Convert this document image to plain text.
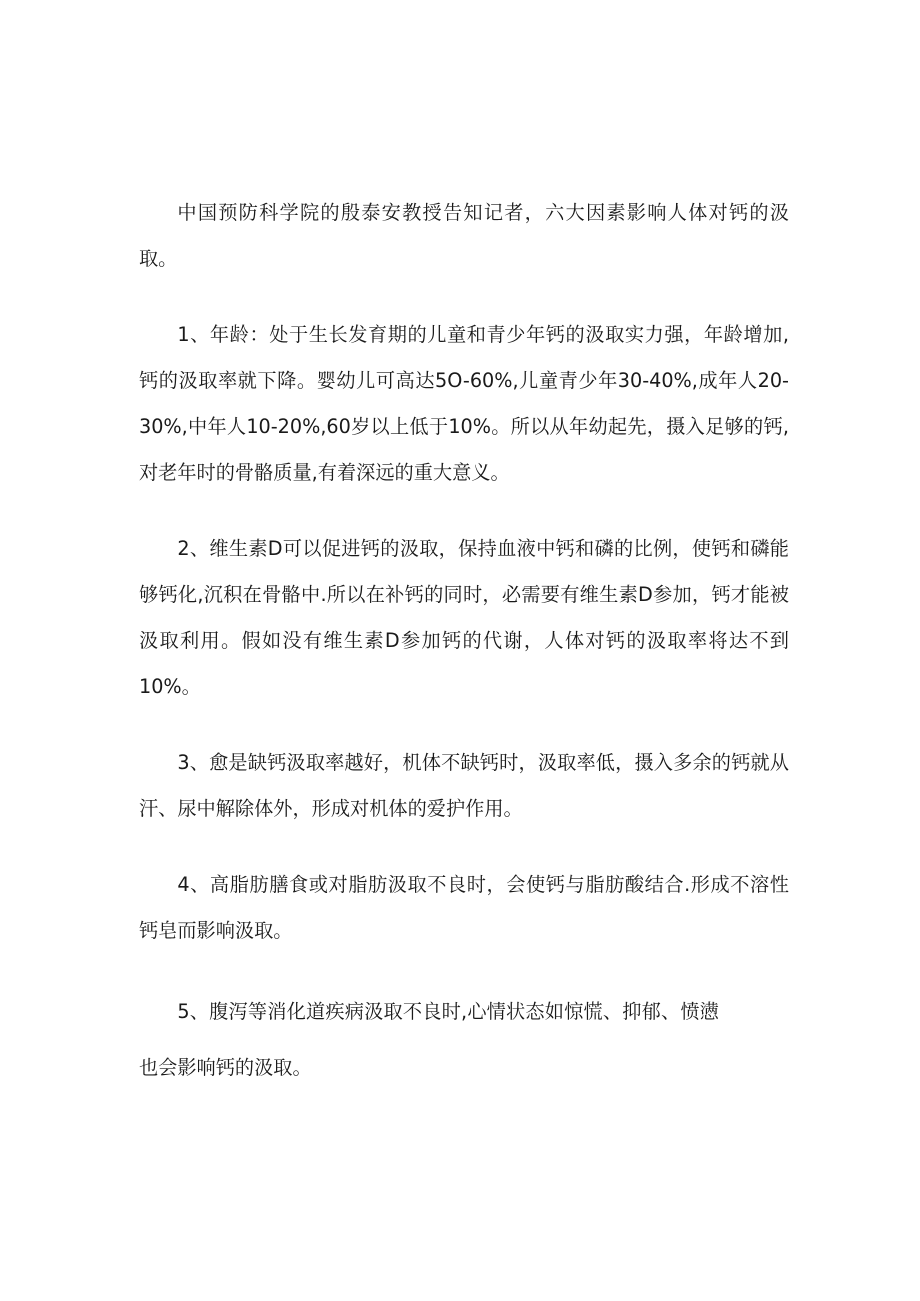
中国预防科学院的殷泰安教授告知记者，六大因素影响人体对钙的汲取。

1、年龄：处于生长发育期的儿童和青少年钙的汲取实力强，年龄增加,钙的汲取率就下降。婴幼儿可高达5O-60%,儿童青少年30-40%,成年人20-30%,中年人10-20%,60岁以上低于10%。所以从年幼起先，摄入足够的钙,对老年时的骨骼质量,有着深远的重大意义。

2、维生素D可以促进钙的汲取，保持血液中钙和磷的比例，使钙和磷能够钙化,沉积在骨骼中.所以在补钙的同时，必需要有维生素D参加，钙才能被汲取利用。假如没有维生素D参加钙的代谢，人体对钙的汲取率将达不到10%。

3、愈是缺钙汲取率越好，机体不缺钙时，汲取率低，摄入多余的钙就从汗、尿中解除体外，形成对机体的爱护作用。

4、高脂肪膳食或对脂肪汲取不良时，会使钙与脂肪酸结合.形成不溶性钙皂而影响汲取。

5、腹泻等消化道疾病汲取不良时,心情状态如惊慌、抑郁、愤懑也会影响钙的汲取。
